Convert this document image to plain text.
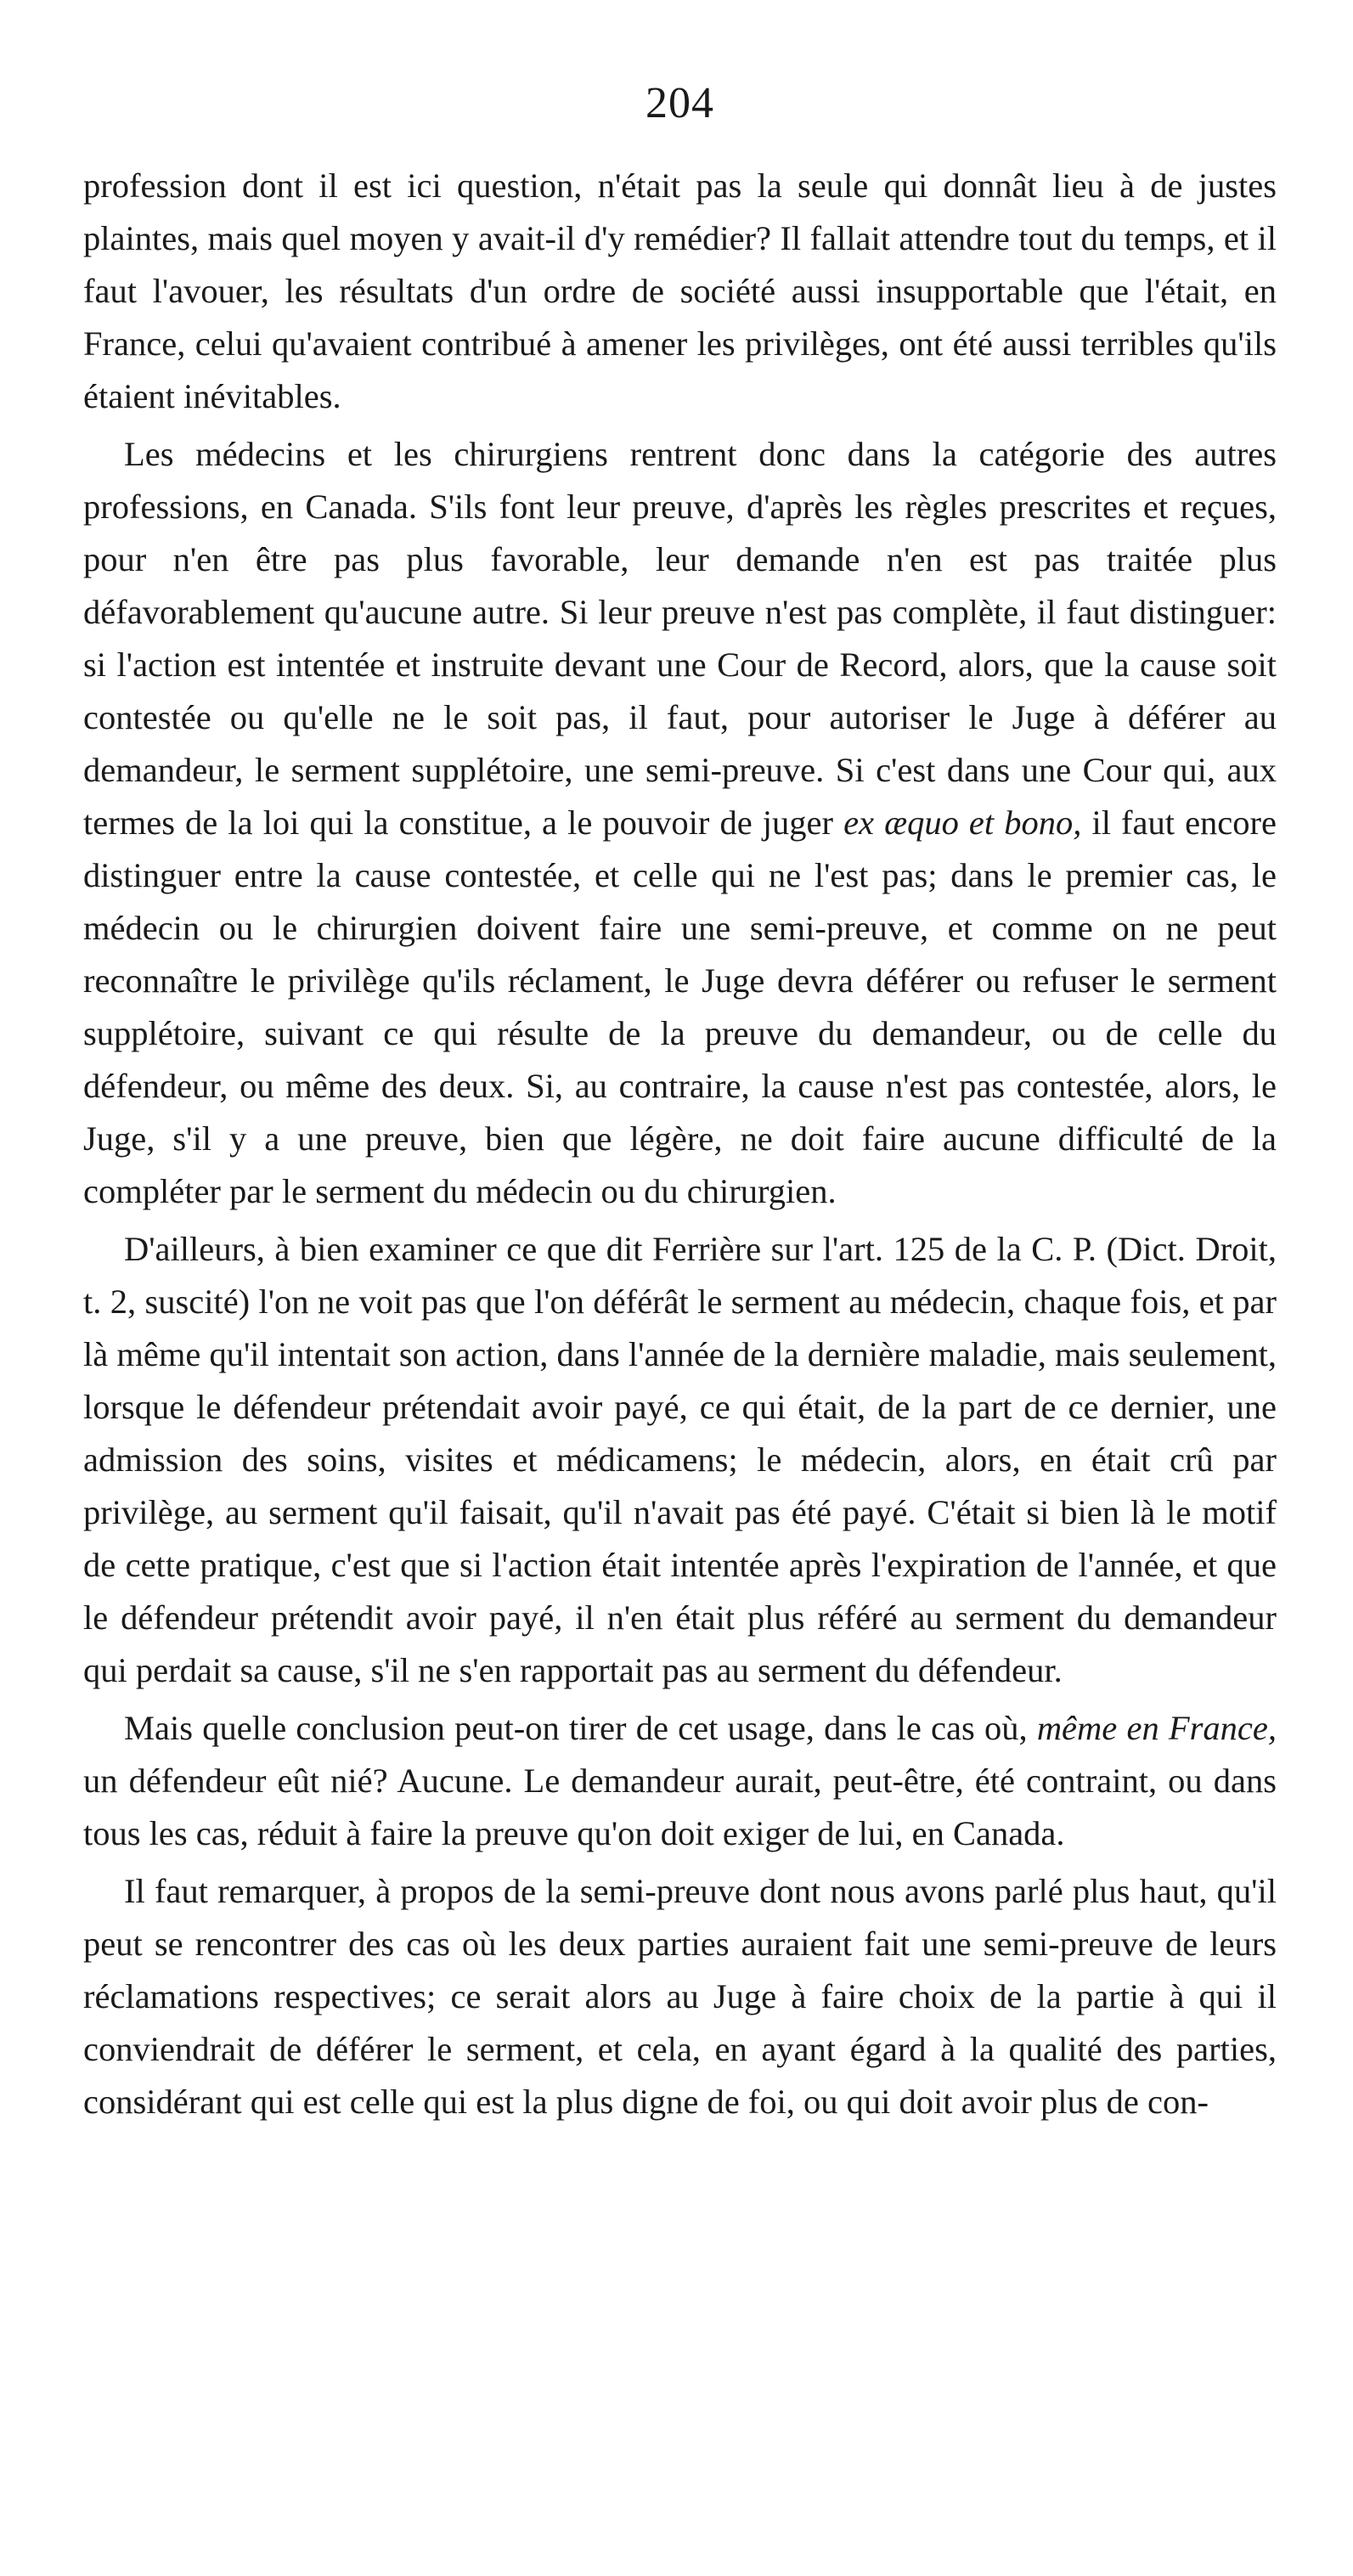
204

profession dont il est ici question, n'était pas la seule qui donnât lieu à de justes plaintes, mais quel moyen y avait-il d'y remédier? Il fallait attendre tout du temps, et il faut l'avouer, les résultats d'un ordre de société aussi insupportable que l'était, en France, celui qu'avaient contribué à amener les privilèges, ont été aussi terribles qu'ils étaient inévitables.

Les médecins et les chirurgiens rentrent donc dans la catégorie des autres professions, en Canada. S'ils font leur preuve, d'après les règles prescrites et reçues, pour n'en être pas plus favorable, leur demande n'en est pas traitée plus défavorablement qu'aucune autre. Si leur preuve n'est pas complète, il faut distinguer: si l'action est intentée et instruite devant une Cour de Record, alors, que la cause soit contestée ou qu'elle ne le soit pas, il faut, pour autoriser le Juge à déférer au demandeur, le serment supplétoire, une semi-preuve. Si c'est dans une Cour qui, aux termes de la loi qui la constitue, a le pouvoir de juger ex æquo et bono, il faut encore distinguer entre la cause contestée, et celle qui ne l'est pas; dans le premier cas, le médecin ou le chirurgien doivent faire une semi-preuve, et comme on ne peut reconnaître le privilège qu'ils réclament, le Juge devra déférer ou refuser le serment supplétoire, suivant ce qui résulte de la preuve du demandeur, ou de celle du défendeur, ou même des deux. Si, au contraire, la cause n'est pas contestée, alors, le Juge, s'il y a une preuve, bien que légère, ne doit faire aucune difficulté de la compléter par le serment du médecin ou du chirurgien.

D'ailleurs, à bien examiner ce que dit Ferrière sur l'art. 125 de la C. P. (Dict. Droit, t. 2, suscité) l'on ne voit pas que l'on déférât le serment au médecin, chaque fois, et par là même qu'il intentait son action, dans l'année de la dernière maladie, mais seulement, lorsque le défendeur prétendait avoir payé, ce qui était, de la part de ce dernier, une admission des soins, visites et médicamens; le médecin, alors, en était crû par privilège, au serment qu'il faisait, qu'il n'avait pas été payé. C'était si bien là le motif de cette pratique, c'est que si l'action était intentée après l'expiration de l'année, et que le défendeur prétendit avoir payé, il n'en était plus référé au serment du demandeur qui perdait sa cause, s'il ne s'en rapportait pas au serment du défendeur.

Mais quelle conclusion peut-on tirer de cet usage, dans le cas où, même en France, un défendeur eût nié? Aucune. Le demandeur aurait, peut-être, été contraint, ou dans tous les cas, réduit à faire la preuve qu'on doit exiger de lui, en Canada.

Il faut remarquer, à propos de la semi-preuve dont nous avons parlé plus haut, qu'il peut se rencontrer des cas où les deux parties auraient fait une semi-preuve de leurs réclamations respectives; ce serait alors au Juge à faire choix de la partie à qui il conviendrait de déférer le serment, et cela, en ayant égard à la qualité des parties, considérant qui est celle qui est la plus digne de foi, ou qui doit avoir plus de con-
